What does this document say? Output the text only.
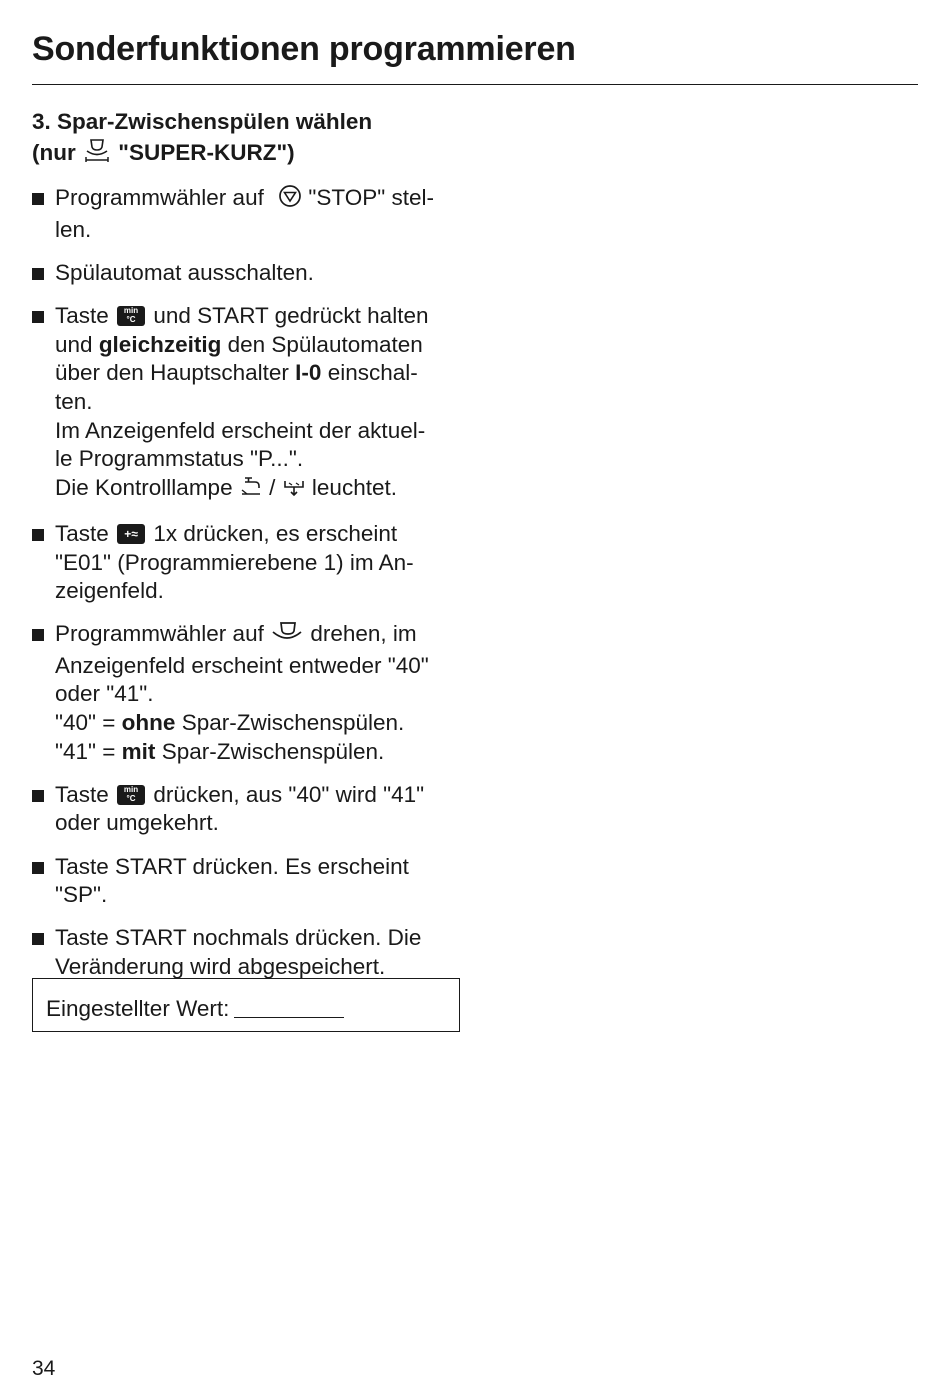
Sonderfunktionen programmieren
3. Spar-Zwischenspülen wählen
(nur "SUPER-KURZ")
Programmwähler auf "STOP" stel-
len.
Spülautomat ausschalten.
Taste	min
°C und START gedrückt halten
und gleichzeitig den Spülautomaten
über den Hauptschalter I-0 einschal-
ten.
Im Anzeigenfeld erscheint der aktuel-
le Programmstatus "P...".
Die Kontrolllampe / leuchtet.
Taste	+≈ 1x drücken, es erscheint
"E01" (Programmierebene 1) im An-
zeigenfeld.
Programmwähler auf drehen, im
Anzeigenfeld erscheint entweder "40"
oder "41".
"40" = ohne Spar-Zwischenspülen.
"41" = mit Spar-Zwischenspülen.
Taste	min
°C drücken, aus "40" wird "41"
oder umgekehrt.
Taste START drücken. Es erscheint
"SP".
Taste START nochmals drücken. Die
Veränderung wird abgespeichert.
Eingestellter Wert:
34
